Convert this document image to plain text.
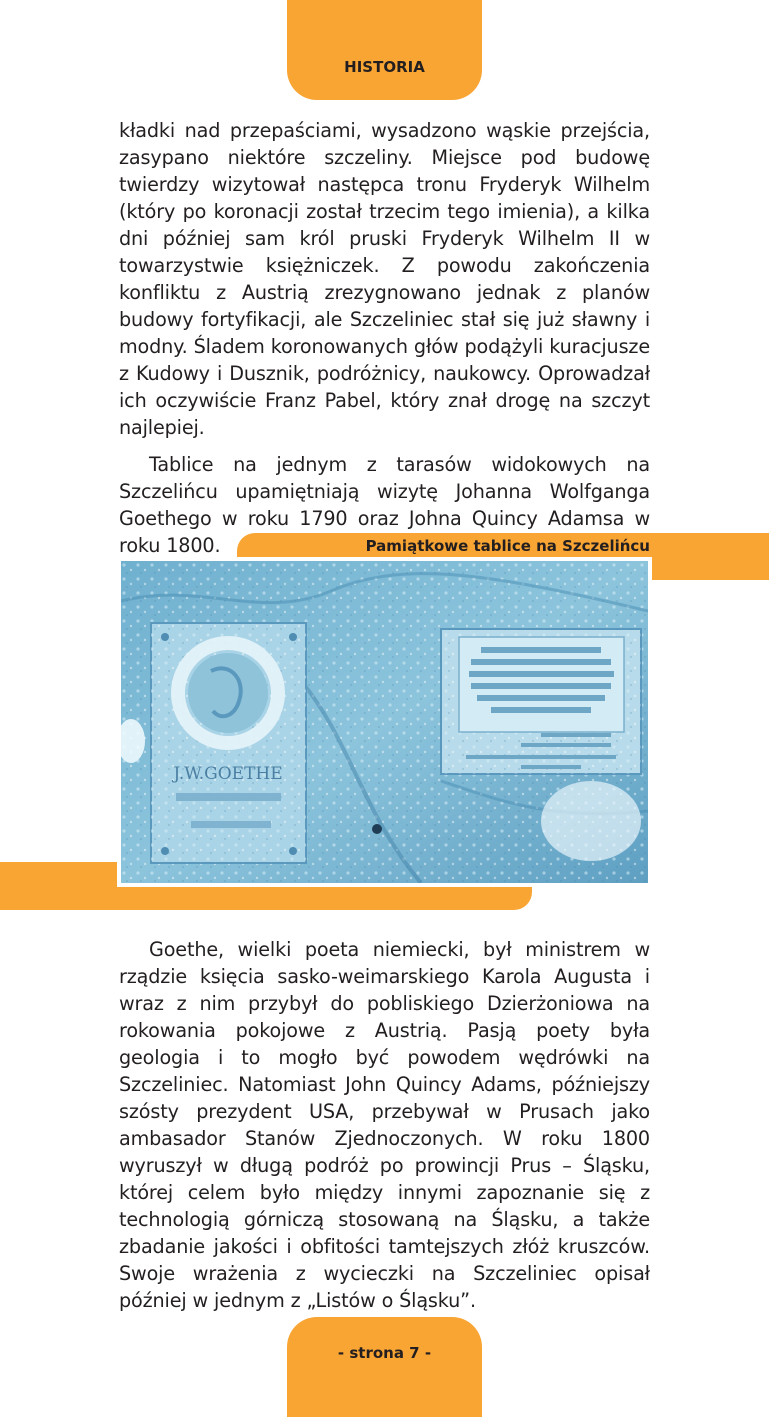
HISTORIA

kładki nad przepaściami, wysadzono wąskie przejścia, zasypano niektóre szczeliny. Miejsce pod budowę twierdzy wizytował następca tronu Fryderyk Wilhelm (który po koronacji został trzecim tego imienia), a kilka dni później sam król pruski Fryderyk Wilhelm II w towarzystwie księżniczek. Z powodu zakończenia konfliktu z Austrią zrezygnowano jednak z planów budowy fortyfikacji, ale Szczeliniec stał się już sławny i modny. Śladem koronowanych głów podążyli kuracjusze z Kudowy i Dusznik, podróżnicy, naukowcy. Oprowadzał ich oczywiście Franz Pabel, który znał drogę na szczyt najlepiej.

Tablice na jednym z tarasów widokowych na Szczelińcu upamiętniają wizytę Johanna Wolfganga Goethego w roku 1790 oraz Johna Quincy Adamsa w roku 1800.	Pamiątkowe tablice na Szczelińcu
J.W.GOETHE

Goethe, wielki poeta niemiecki, był ministrem w rządzie księcia sasko-weimarskiego Karola Augusta i wraz z nim przybył do pobliskiego Dzierżoniowa na rokowania pokojowe z Austrią. Pasją poety była geologia i to mogło być powodem wędrówki na Szczeliniec. Natomiast John Quincy Adams, późniejszy szósty prezydent USA, przebywał w Prusach jako ambasador Stanów Zjednoczonych. W roku 1800 wyruszył w długą podróż po prowincji Prus – Śląsku, której celem było między innymi zapoznanie się z technologią górniczą stosowaną na Śląsku, a także zbadanie jakości i obfitości tamtejszych złóż kruszców. Swoje wrażenia z wycieczki na Szczeliniec opisał później w jednym z „Listów o Śląsku”.

- strona 7 -
